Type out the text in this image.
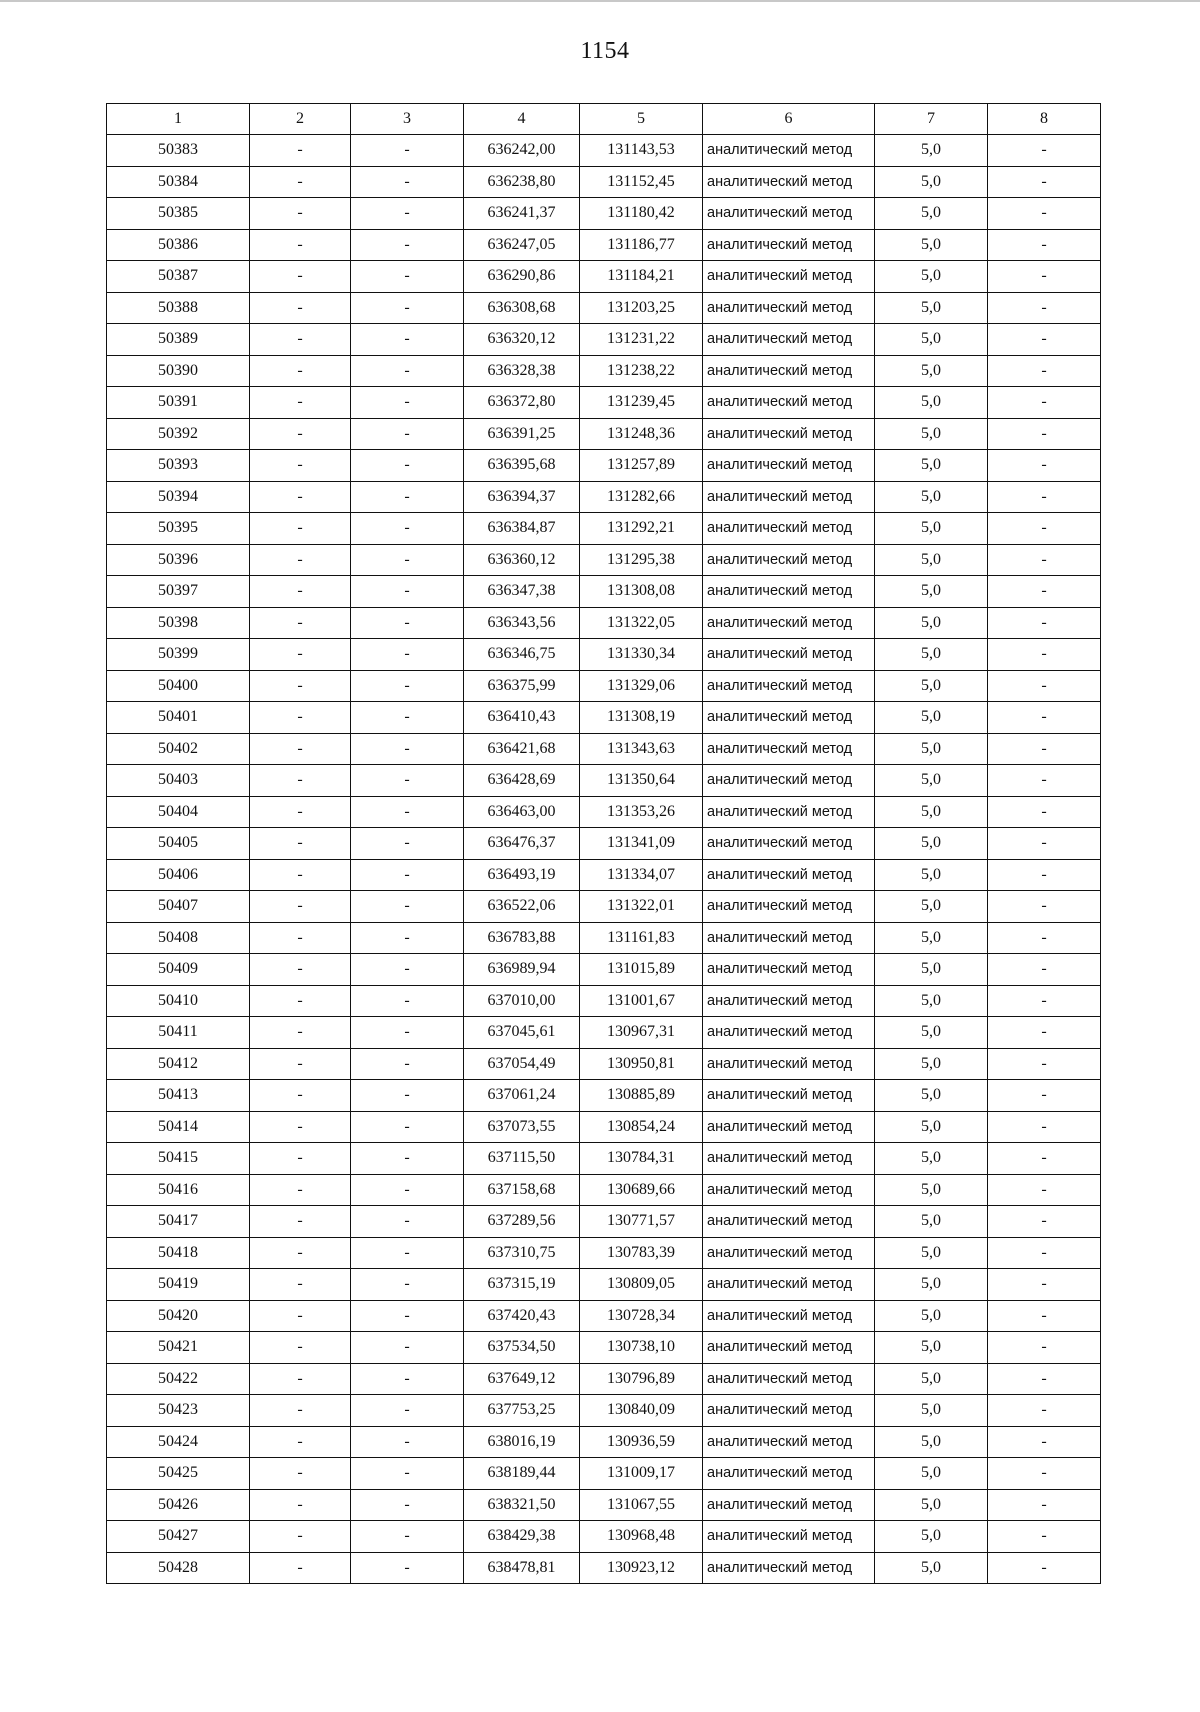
1154
1	2	3	4	5	6	7	8
50383	-	-	636242,00	131143,53	аналитический метод	5,0	-
50384	-	-	636238,80	131152,45	аналитический метод	5,0	-
50385	-	-	636241,37	131180,42	аналитический метод	5,0	-
50386	-	-	636247,05	131186,77	аналитический метод	5,0	-
50387	-	-	636290,86	131184,21	аналитический метод	5,0	-
50388	-	-	636308,68	131203,25	аналитический метод	5,0	-
50389	-	-	636320,12	131231,22	аналитический метод	5,0	-
50390	-	-	636328,38	131238,22	аналитический метод	5,0	-
50391	-	-	636372,80	131239,45	аналитический метод	5,0	-
50392	-	-	636391,25	131248,36	аналитический метод	5,0	-
50393	-	-	636395,68	131257,89	аналитический метод	5,0	-
50394	-	-	636394,37	131282,66	аналитический метод	5,0	-
50395	-	-	636384,87	131292,21	аналитический метод	5,0	-
50396	-	-	636360,12	131295,38	аналитический метод	5,0	-
50397	-	-	636347,38	131308,08	аналитический метод	5,0	-
50398	-	-	636343,56	131322,05	аналитический метод	5,0	-
50399	-	-	636346,75	131330,34	аналитический метод	5,0	-
50400	-	-	636375,99	131329,06	аналитический метод	5,0	-
50401	-	-	636410,43	131308,19	аналитический метод	5,0	-
50402	-	-	636421,68	131343,63	аналитический метод	5,0	-
50403	-	-	636428,69	131350,64	аналитический метод	5,0	-
50404	-	-	636463,00	131353,26	аналитический метод	5,0	-
50405	-	-	636476,37	131341,09	аналитический метод	5,0	-
50406	-	-	636493,19	131334,07	аналитический метод	5,0	-
50407	-	-	636522,06	131322,01	аналитический метод	5,0	-
50408	-	-	636783,88	131161,83	аналитический метод	5,0	-
50409	-	-	636989,94	131015,89	аналитический метод	5,0	-
50410	-	-	637010,00	131001,67	аналитический метод	5,0	-
50411	-	-	637045,61	130967,31	аналитический метод	5,0	-
50412	-	-	637054,49	130950,81	аналитический метод	5,0	-
50413	-	-	637061,24	130885,89	аналитический метод	5,0	-
50414	-	-	637073,55	130854,24	аналитический метод	5,0	-
50415	-	-	637115,50	130784,31	аналитический метод	5,0	-
50416	-	-	637158,68	130689,66	аналитический метод	5,0	-
50417	-	-	637289,56	130771,57	аналитический метод	5,0	-
50418	-	-	637310,75	130783,39	аналитический метод	5,0	-
50419	-	-	637315,19	130809,05	аналитический метод	5,0	-
50420	-	-	637420,43	130728,34	аналитический метод	5,0	-
50421	-	-	637534,50	130738,10	аналитический метод	5,0	-
50422	-	-	637649,12	130796,89	аналитический метод	5,0	-
50423	-	-	637753,25	130840,09	аналитический метод	5,0	-
50424	-	-	638016,19	130936,59	аналитический метод	5,0	-
50425	-	-	638189,44	131009,17	аналитический метод	5,0	-
50426	-	-	638321,50	131067,55	аналитический метод	5,0	-
50427	-	-	638429,38	130968,48	аналитический метод	5,0	-
50428	-	-	638478,81	130923,12	аналитический метод	5,0	-
